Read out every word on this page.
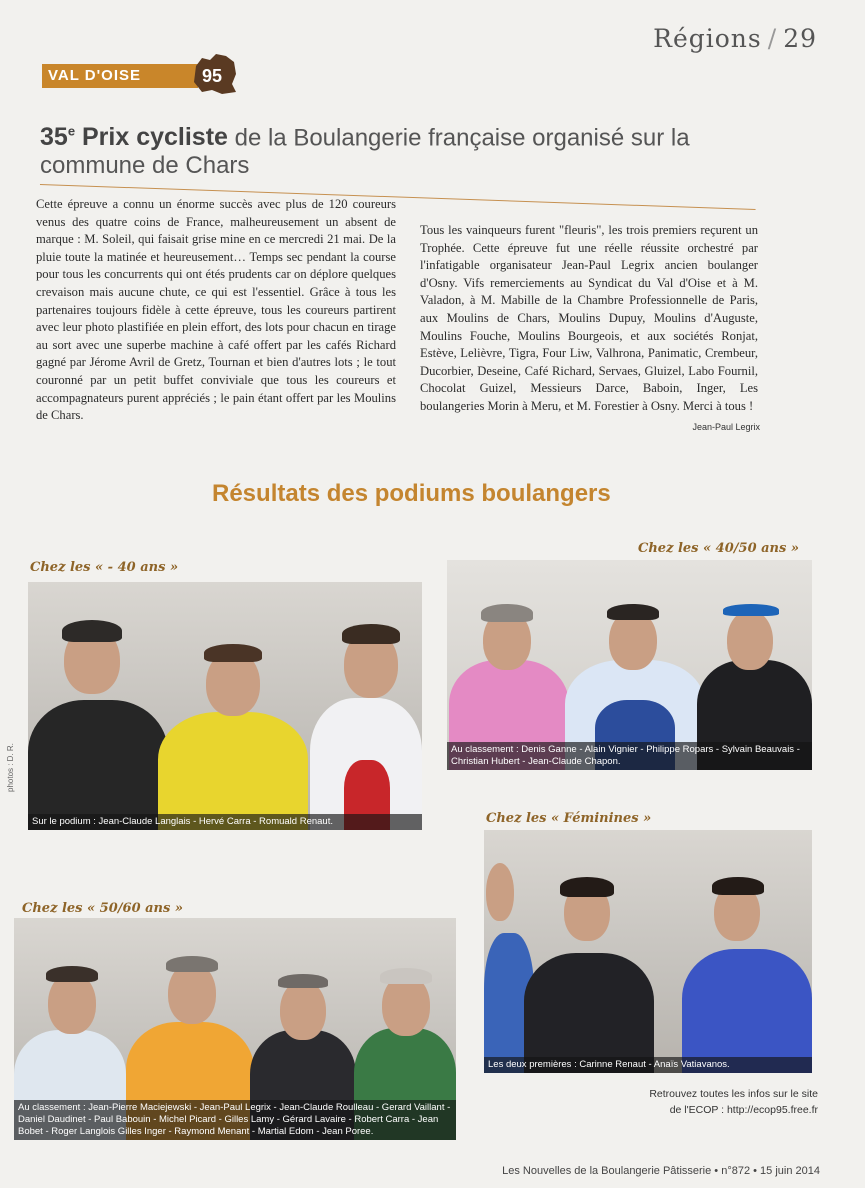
Régions / 29
VAL D'OISE	95
35e Prix cycliste de la Boulangerie française organisé sur la commune de Chars
Cette épreuve a connu un énorme succès avec plus de 120 coureurs venus des quatre coins de France, malheureusement un absent de marque : M. Soleil, qui faisait grise mine en ce mercredi 21 mai. De la pluie toute la matinée et heureusement… Temps sec pendant la course pour tous les concurrents qui ont étés prudents car on déplore quelques crevaison mais aucune chute, ce qui est l'essentiel. Grâce à tous les partenaires toujours fidèle à cette épreuve, tous les coureurs partirent avec leur photo plastifiée en plein effort, des lots pour chacun en tirage au sort avec une superbe machine à café offert par les cafés Richard gagné par Jérome Avril de Gretz, Tournan et bien d'autres lots ; le tout couronné par un petit buffet conviviale que tous les coureurs et accompagnateurs purent appréciés ; le pain étant offert par les Moulins de Chars.
Tous les vainqueurs furent "fleuris", les trois premiers reçurent un Trophée. Cette épreuve fut une réelle réussite orchestré par l'infatigable organisateur Jean-Paul Legrix ancien boulanger d'Osny. Vifs remerciements au Syndicat du Val d'Oise et à M. Valadon, à M. Mabille de la Chambre Professionnelle de Paris, aux Moulins de Chars, Moulins Dupuy, Moulins d'Auguste, Moulins Fouche, Moulins Bourgeois, et aux sociétés Ronjat, Estève, Lelièvre, Tigra, Four Liw, Valhrona, Panimatic, Crembeur, Ducorbier, Deseine, Café Richard, Servaes, Gluizel, Labo Fournil, Chocolat Guizel, Messieurs Darce, Baboin, Inger, Les boulangeries Morin à Meru, et M. Forestier à Osny. Merci à tous !
Jean-Paul Legrix
Résultats des podiums boulangers
Chez les « - 40 ans »
Sur le podium : Jean-Claude Langlais - Hervé Carra - Romuald Renaut.
Chez les « 40/50 ans »
Au classement : Denis Ganne - Alain Vignier - Philippe Ropars - Sylvain Beauvais - Christian Hubert - Jean-Claude Chapon.
Chez les « Féminines »
Les deux premières : Carinne Renaut - Anaïs Vatiavanos.
Chez les « 50/60 ans »
Au classement : Jean-Pierre Maciejewski - Jean-Paul Legrix - Jean-Claude Roulleau - Gerard Vaillant - Daniel Daudinet - Paul Babouin - Michel Picard - Gilles Lamy - Gérard Lavaire - Robert Carra - Jean Bobet - Roger Langlois Gilles Inger - Raymond Menant - Martial Edom - Jean Poree.
photos : D. R.
Retrouvez toutes les infos sur le site
de l'ECOP : http://ecop95.free.fr
Les Nouvelles de la Boulangerie Pâtisserie • n°872 • 15 juin 2014
